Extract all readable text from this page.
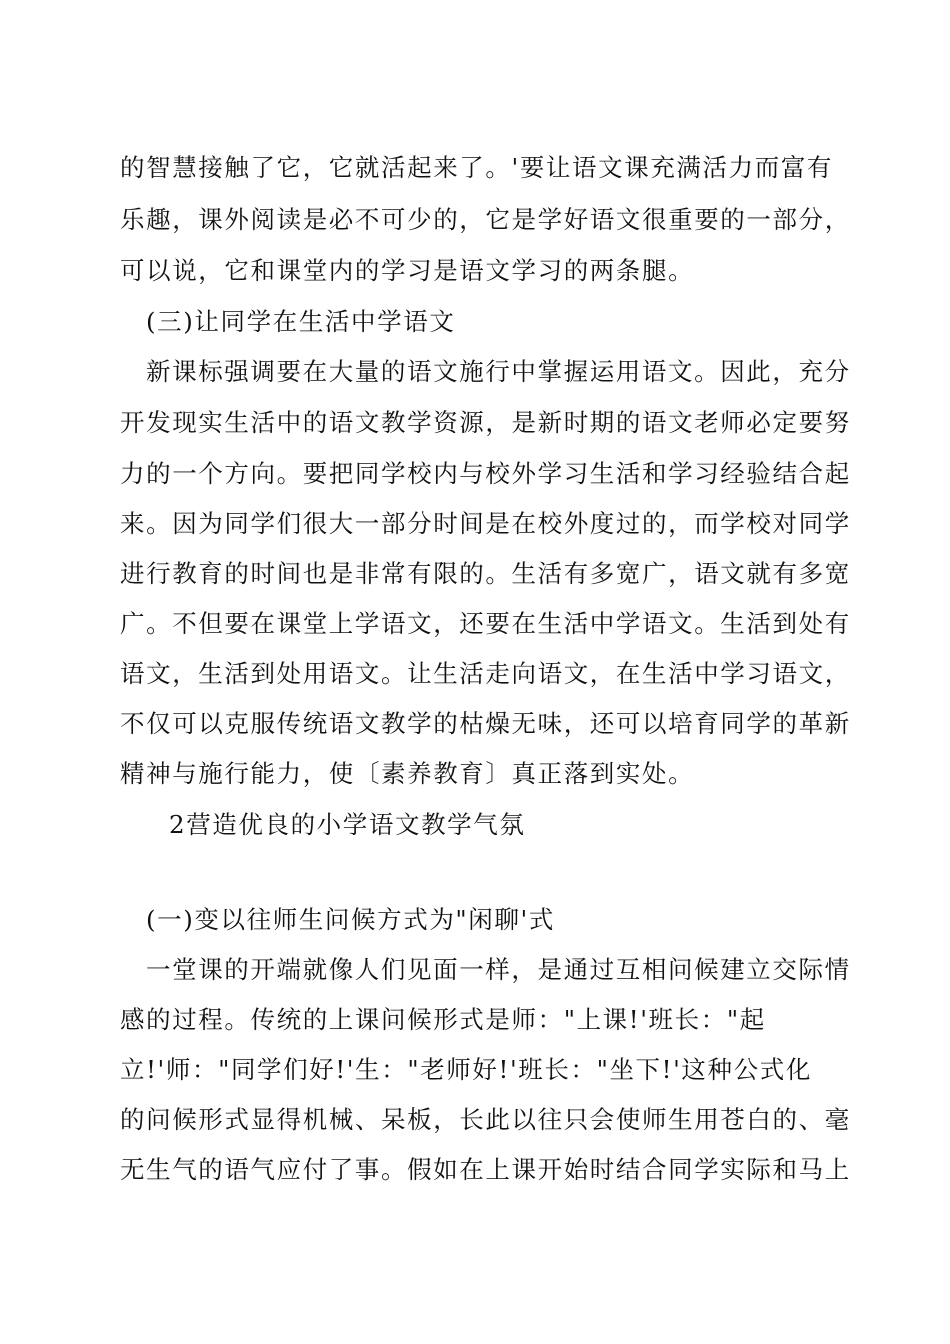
的智慧接触了它，它就活起来了。'要让语文课充满活力而富有
乐趣，课外阅读是必不可少的，它是学好语文很重要的一部分，
可以说，它和课堂内的学习是语文学习的两条腿。
(三)让同学在生活中学语文
新课标强调要在大量的语文施行中掌握运用语文。因此，充分
开发现实生活中的语文教学资源，是新时期的语文老师必定要努
力的一个方向。要把同学校内与校外学习生活和学习经验结合起
来。因为同学们很大一部分时间是在校外度过的，而学校对同学
进行教育的时间也是非常有限的。生活有多宽广，语文就有多宽
广。不但要在课堂上学语文，还要在生活中学语文。生活到处有
语文，生活到处用语文。让生活走向语文，在生活中学习语文，
不仅可以克服传统语文教学的枯燥无味，还可以培育同学的革新
精神与施行能力，使〔素养教育〕真正落到实处。
2营造优良的小学语文教学气氛
(一)变以往师生问候方式为"闲聊'式
一堂课的开端就像人们见面一样，是通过互相问候建立交际情
感的过程。传统的上课问候形式是师："上课!'班长："起
立!'师："同学们好!'生："老师好!'班长："坐下!'这种公式化
的问候形式显得机械、呆板，长此以往只会使师生用苍白的、毫
无生气的语气应付了事。假如在上课开始时结合同学实际和马上
